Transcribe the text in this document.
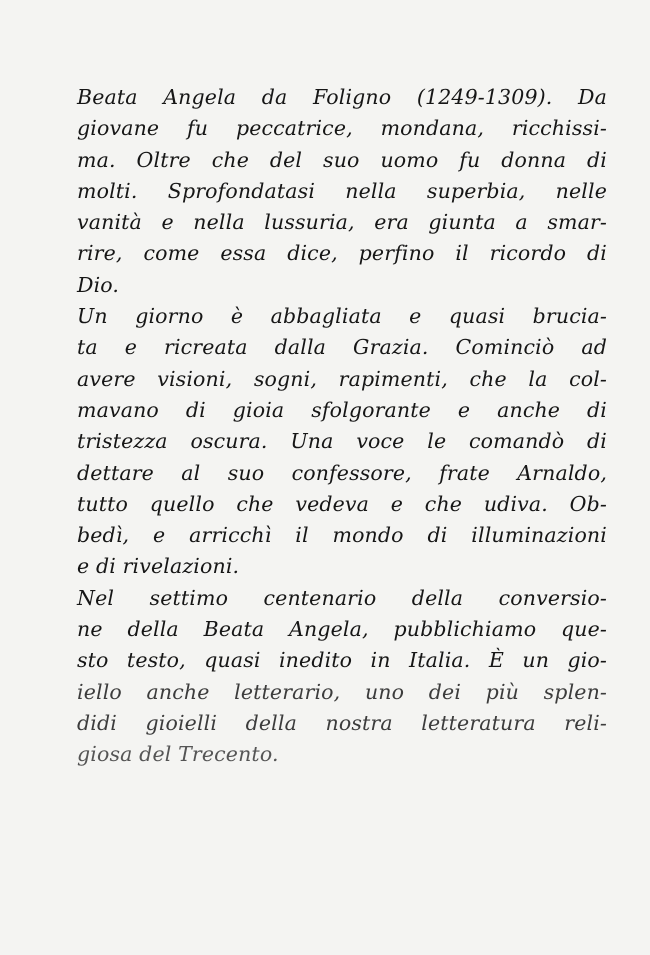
Beata Angela da Foligno (1249-1309). Da
giovane fu peccatrice, mondana, ricchissi-
ma. Oltre che del suo uomo fu donna di
molti. Sprofondatasi nella superbia, nelle
vanità e nella lussuria, era giunta a smar-
rire, come essa dice, perfino il ricordo di
Dio.
Un giorno è abbagliata e quasi brucia-
ta e ricreata dalla Grazia. Cominciò ad
avere visioni, sogni, rapimenti, che la col-
mavano di gioia sfolgorante e anche di
tristezza oscura. Una voce le comandò di
dettare al suo confessore, frate Arnaldo,
tutto quello che vedeva e che udiva. Ob-
bedì, e arricchì il mondo di illuminazioni
e di rivelazioni.
Nel settimo centenario della conversio-
ne della Beata Angela, pubblichiamo que-
sto testo, quasi inedito in Italia. È un gio-
iello anche letterario, uno dei più splen-
didi gioielli della nostra letteratura reli-
giosa del Trecento.
